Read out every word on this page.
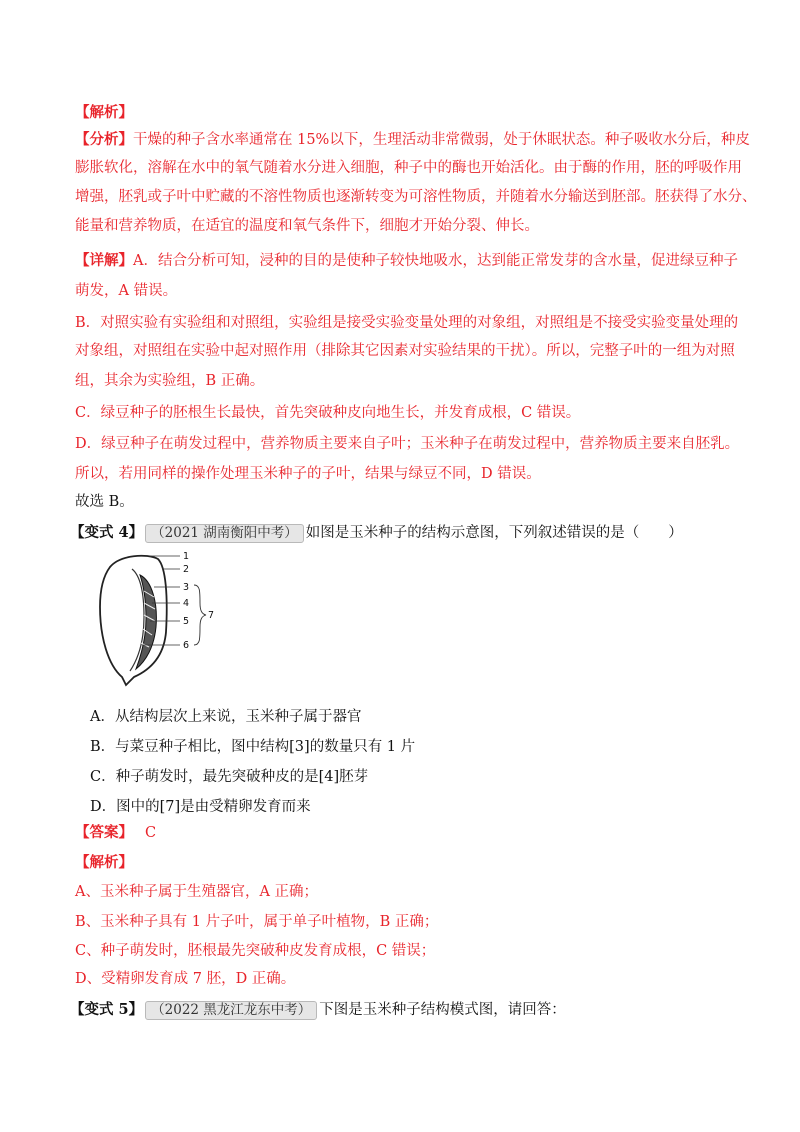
【解析】
【分析】干燥的种子含水率通常在 15%以下，生理活动非常微弱，处于休眠状态。种子吸收水分后，种皮
膨胀软化，溶解在水中的氧气随着水分进入细胞，种子中的酶也开始活化。由于酶的作用，胚的呼吸作用
增强，胚乳或子叶中贮藏的不溶性物质也逐渐转变为可溶性物质，并随着水分输送到胚部。胚获得了水分、
能量和营养物质，在适宜的温度和氧气条件下，细胞才开始分裂、伸长。
【详解】A．结合分析可知，浸种的目的是使种子较快地吸水，达到能正常发芽的含水量，促进绿豆种子
萌发，A 错误。
B．对照实验有实验组和对照组，实验组是接受实验变量处理的对象组，对照组是不接受实验变量处理的
对象组，对照组在实验中起对照作用（排除其它因素对实验结果的干扰）。所以，完整子叶的一组为对照
组，其余为实验组，B 正确。
C．绿豆种子的胚根生长最快，首先突破种皮向地生长，并发育成根，C 错误。
D．绿豆种子在萌发过程中，营养物质主要来自子叶；玉米种子在萌发过程中，营养物质主要来自胚乳。
所以，若用同样的操作处理玉米种子的子叶，结果与绿豆不同，D 错误。
故选 B。
【变式 4】 （2021 湖南衡阳中考） 如图是玉米种子的结构示意图，下列叙述错误的是（　　）
1
2
3
4
5
6
7
A．从结构层次上来说，玉米种子属于器官
B．与菜豆种子相比，图中结构[3]的数量只有 1 片
C．种子萌发时，最先突破种皮的是[4]胚芽
D．图中的[7]是由受精卵发育而来
【答案】 C
【解析】
A、玉米种子属于生殖器官，A 正确；
B、玉米种子具有 1 片子叶，属于单子叶植物，B 正确；
C、种子萌发时，胚根最先突破种皮发育成根，C 错误；
D、受精卵发育成 7 胚，D 正确。
【变式 5】 （2022 黑龙江龙东中考） 下图是玉米种子结构模式图，请回答：
